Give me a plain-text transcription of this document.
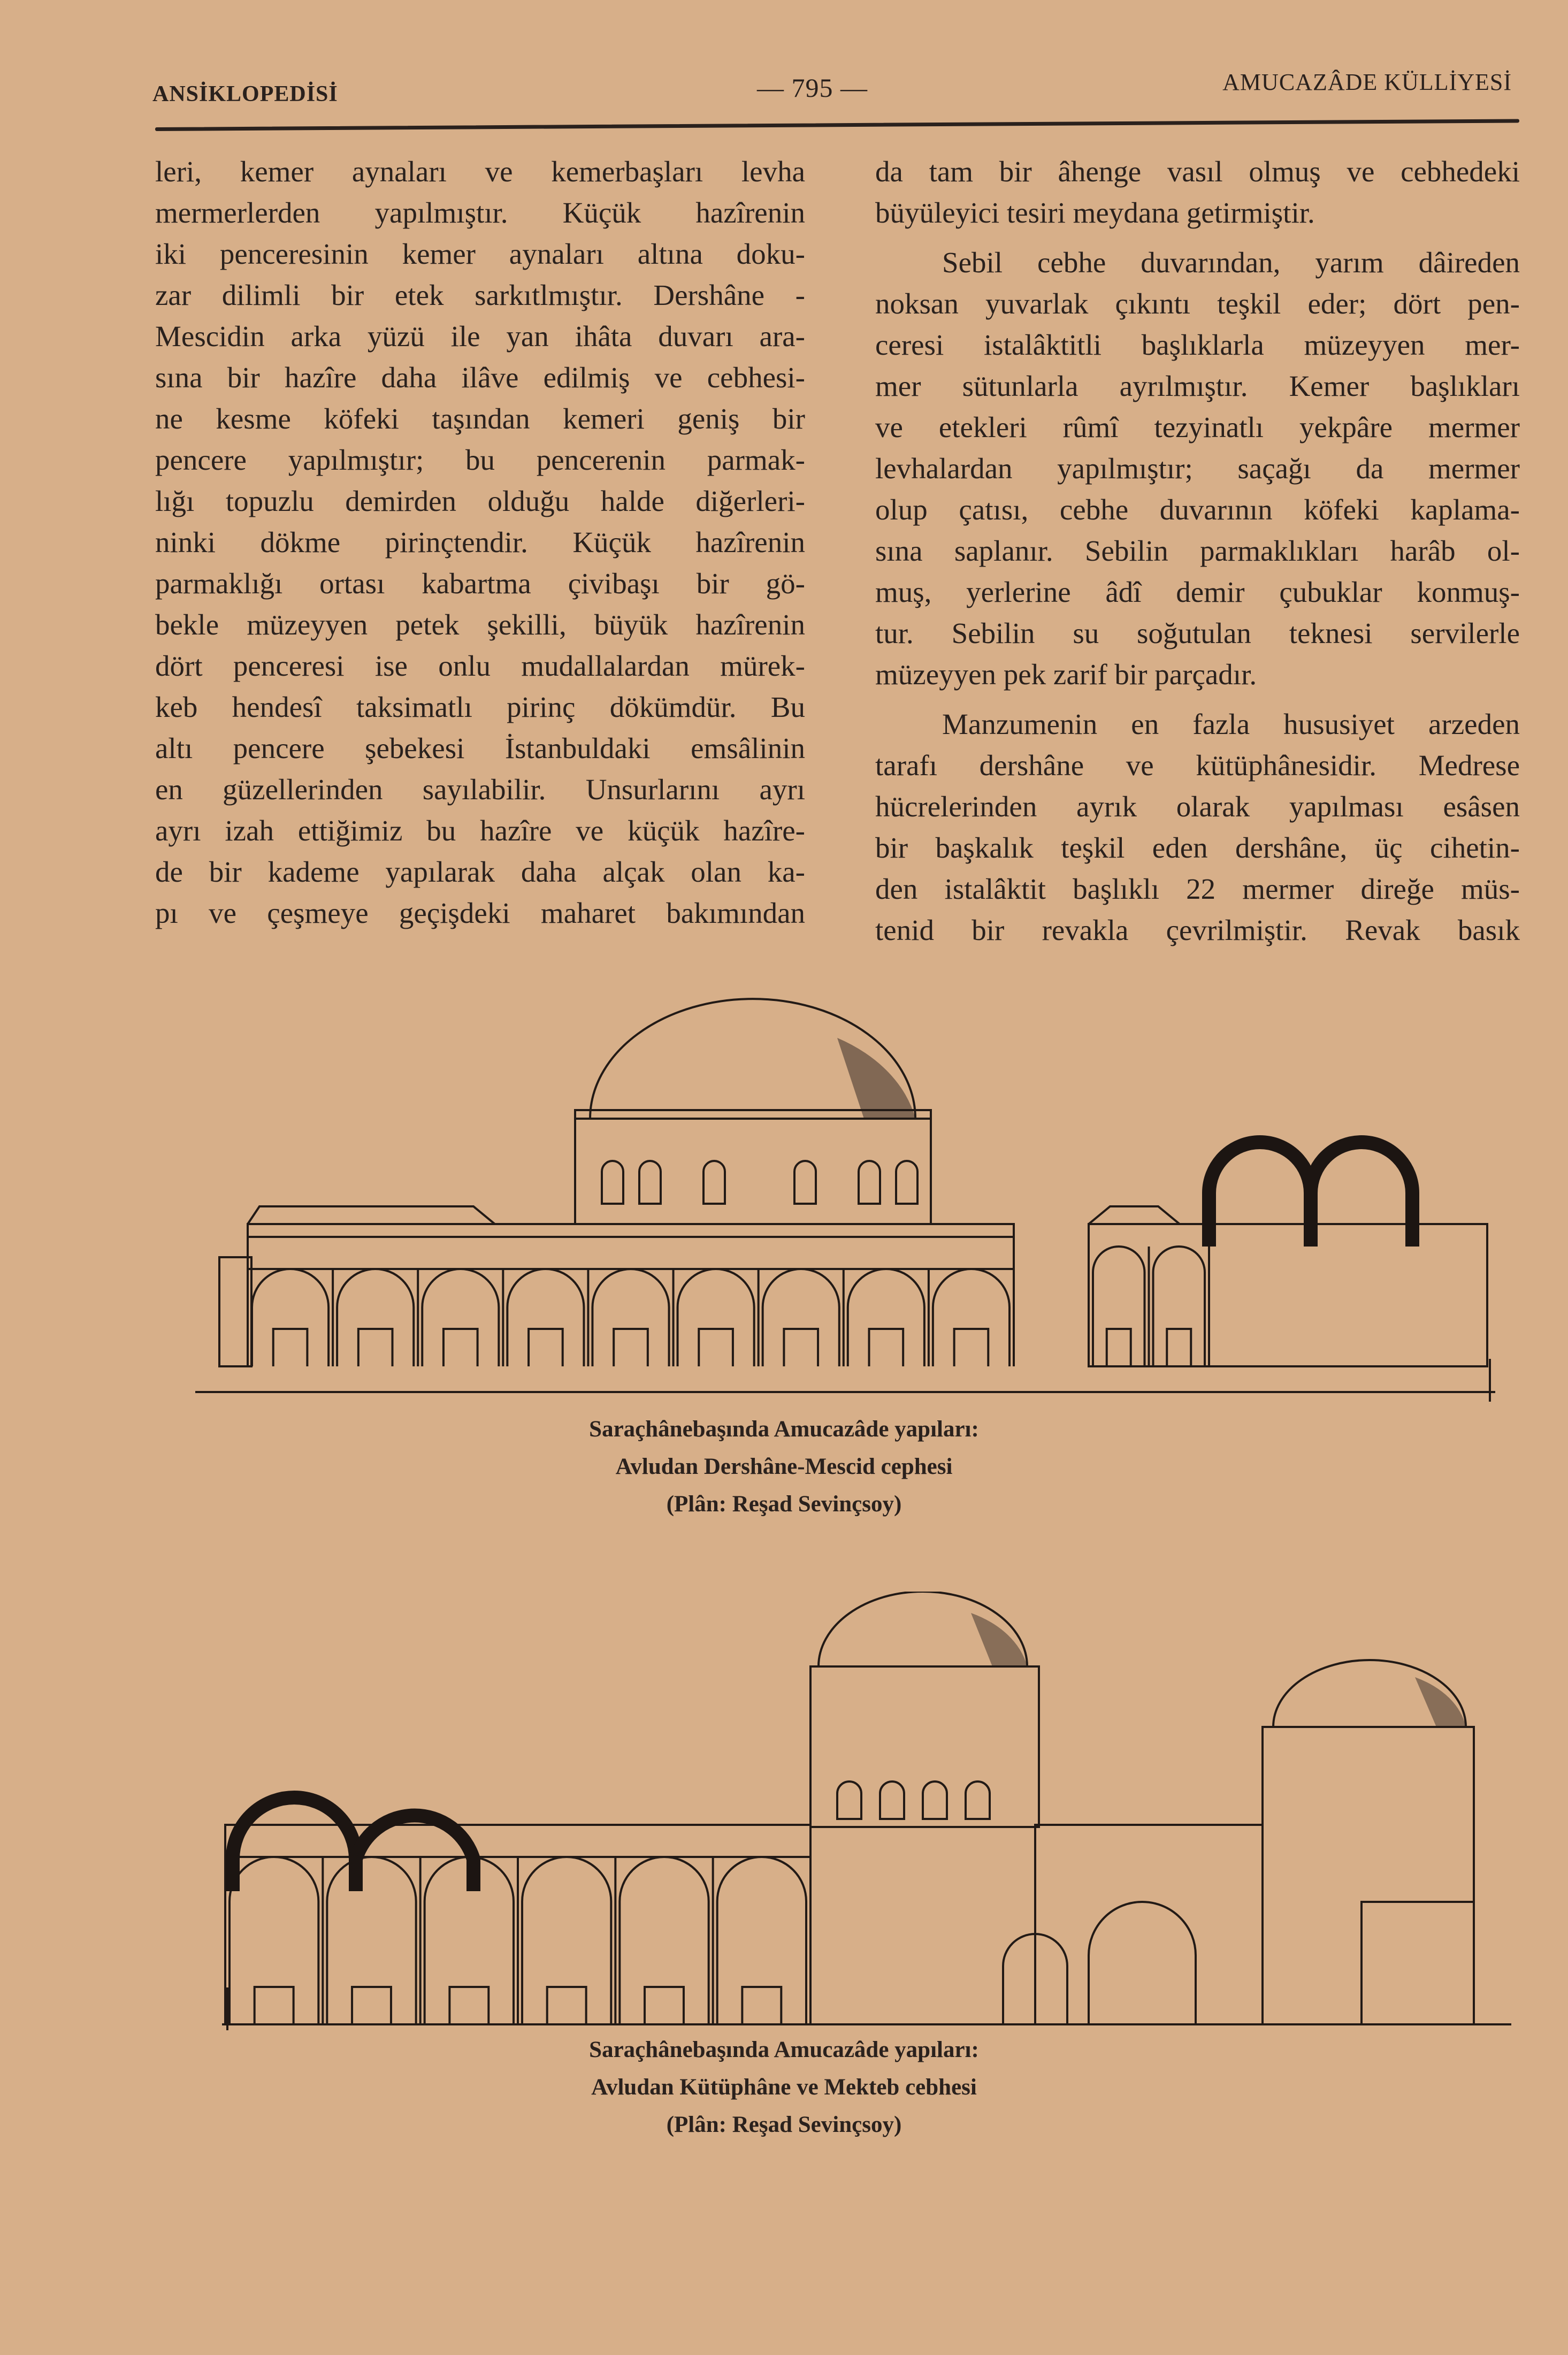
ANSİKLOPEDİSİ	— 795 —	AMUCAZÂDE KÜLLİYESİ
leri, kemer aynaları ve kemerbaşları levha
mermerlerden yapılmıştır. Küçük hazîrenin
iki penceresinin kemer aynaları altına doku-
zar dilimli bir etek sarkıtlmıştır. Dershâne -
Mescidin arka yüzü ile yan ihâta duvarı ara-
sına bir hazîre daha ilâve edilmiş ve cebhesi-
ne kesme köfeki taşından kemeri geniş bir
pencere yapılmıştır; bu pencerenin parmak-
lığı topuzlu demirden olduğu halde diğerleri-
ninki dökme pirinçtendir. Küçük hazîrenin
parmaklığı ortası kabartma çivibaşı bir gö-
bekle müzeyyen petek şekilli, büyük hazîrenin
dört penceresi ise onlu mudallalardan mürek-
keb hendesî taksimatlı pirinç dökümdür. Bu
altı pencere şebekesi İstanbuldaki emsâlinin
en güzellerinden sayılabilir. Unsurlarını ayrı
ayrı izah ettiğimiz bu hazîre ve küçük hazîre-
de bir kademe yapılarak daha alçak olan ka-
pı ve çeşmeye geçişdeki maharet bakımından
da tam bir âhenge vasıl olmuş ve cebhedeki
büyüleyici tesiri meydana getirmiştir.
Sebil cebhe duvarından, yarım dâireden
noksan yuvarlak çıkıntı teşkil eder; dört pen-
ceresi istalâktitli başlıklarla müzeyyen mer-
mer sütunlarla ayrılmıştır. Kemer başlıkları
ve etekleri rûmî tezyinatlı yekpâre mermer
levhalardan yapılmıştır; saçağı da mermer
olup çatısı, cebhe duvarının köfeki kaplama-
sına saplanır. Sebilin parmaklıkları harâb ol-
muş, yerlerine âdî demir çubuklar konmuş-
tur. Sebilin su soğutulan teknesi servilerle
müzeyyen pek zarif bir parçadır.
Manzumenin en fazla hususiyet arzeden
tarafı dershâne ve kütüphânesidir. Medrese
hücrelerinden ayrık olarak yapılması esâsen
bir başkalık teşkil eden dershâne, üç cihetin-
den istalâktit başlıklı 22 mermer direğe müs-
tenid bir revakla çevrilmiştir. Revak basık
Saraçhânebaşında Amucazâde yapıları:
Avludan Dershâne-Mescid cephesi
(Plân: Reşad Sevinçsoy)
Saraçhânebaşında Amucazâde yapıları:
Avludan Kütüphâne ve Mekteb cebhesi
(Plân: Reşad Sevinçsoy)
